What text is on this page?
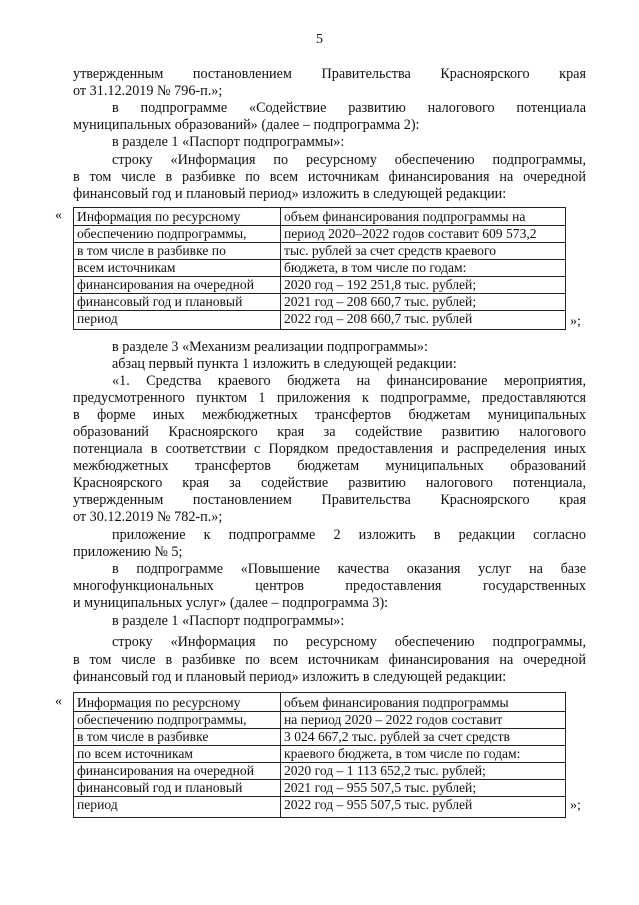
5
утвержденным постановлением Правительства Красноярского края
от 31.12.2019 № 796-п.»;
в подпрограмме «Содействие развитию налогового потенциала
муниципальных образований» (далее – подпрограмма 2):
в разделе 1 «Паспорт подпрограммы»:
строку «Информация по ресурсному обеспечению подпрограммы,
в том числе в разбивке по всем источникам финансирования на очередной
финансовый год и плановый период» изложить в следующей редакции:
« Информация по ресурсному
обеспечению подпрограммы,
в том числе в разбивке по
всем источникам
финансирования на очередной
финансовый год и плановый
период
объем финансирования подпрограммы на
период 2020–2022 годов составит 609 573,2
тыс. рублей за счет средств краевого
бюджета, в том числе по годам:
2020 год – 192 251,8 тыс. рублей;
2021 год – 208 660,7 тыс. рублей;
2022 год – 208 660,7 тыс. рублей	»;
в разделе 3 «Механизм реализации подпрограммы»:
абзац первый пункта 1 изложить в следующей редакции:
«1. Средства краевого бюджета на финансирование мероприятия,
предусмотренного пунктом 1 приложения к подпрограмме, предоставляются
в форме иных межбюджетных трансфертов бюджетам муниципальных
образований Красноярского края за содействие развитию налогового
потенциала в соответствии с Порядком предоставления и распределения иных
межбюджетных трансфертов бюджетам муниципальных образований
Красноярского края за содействие развитию налогового потенциала,
утвержденным постановлением Правительства Красноярского края
от 30.12.2019 № 782-п.»;
приложение к подпрограмме 2 изложить в редакции согласно
приложению № 5;
в подпрограмме «Повышение качества оказания услуг на базе
многофункциональных центров предоставления государственных
и муниципальных услуг» (далее – подпрограмма 3):
в разделе 1 «Паспорт подпрограммы»:
строку «Информация по ресурсному обеспечению подпрограммы,
в том числе в разбивке по всем источникам финансирования на очередной
финансовый год и плановый период» изложить в следующей редакции:
« Информация по ресурсному
обеспечению подпрограммы,
в том числе в разбивке
по всем источникам
финансирования на очередной
финансовый год и плановый
период
объем финансирования подпрограммы
на период 2020 – 2022 годов составит
3 024 667,2 тыс. рублей за счет средств
краевого бюджета, в том числе по годам:
2020 год – 1 113 652,2 тыс. рублей;
2021 год – 955 507,5 тыс. рублей;
2022 год – 955 507,5 тыс. рублей	»;
